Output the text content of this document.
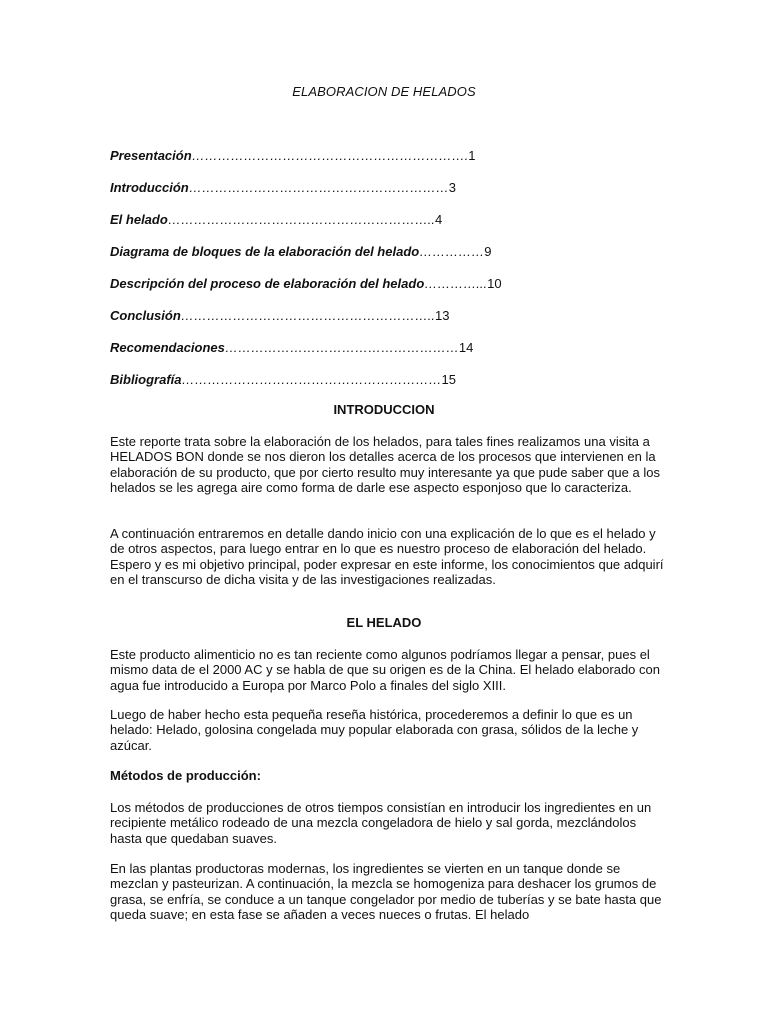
ELABORACION DE HELADOS
Presentación……………………………………………………….1
Introducción……………………………………………………3
El helado……………………………………………………..4
Diagrama de bloques de la elaboración del helado……………9
Descripción del proceso de elaboración del helado…………...10
Conclusión…………………………………………………..13
Recomendaciones………………………………………………14
Bibliografía……………………………………………………15
INTRODUCCION

Este reporte trata sobre la elaboración de los helados, para tales fines realizamos una visita a HELADOS BON donde se nos dieron los detalles acerca de los procesos que intervienen en la elaboración de su producto, que por cierto resulto muy interesante ya que pude saber que a los helados se les agrega aire como forma de darle ese aspecto esponjoso que lo caracteriza.

A continuación entraremos en detalle dando inicio con una explicación de lo que es el helado y de otros aspectos, para luego entrar en lo que es nuestro proceso de elaboración del helado. Espero y es mi objetivo principal, poder expresar en este informe, los conocimientos que adquirí en el transcurso de dicha visita y de las investigaciones realizadas.

EL HELADO

Este producto alimenticio no es tan reciente como algunos podríamos llegar a pensar, pues el mismo data de el 2000 AC y se habla de que su origen es de la China. El helado elaborado con agua fue introducido a Europa por Marco Polo a finales del siglo XIII.

Luego de haber hecho esta pequeña reseña histórica, procederemos a definir lo que es un helado: Helado, golosina congelada muy popular elaborada con grasa, sólidos de la leche y azúcar.

Métodos de producción:

Los métodos de producciones de otros tiempos consistían en introducir los ingredientes en un recipiente metálico rodeado de una mezcla congeladora de hielo y sal gorda, mezclándolos hasta que quedaban suaves.

En las plantas productoras modernas, los ingredientes se vierten en un tanque donde se mezclan y pasteurizan. A continuación, la mezcla se homogeniza para deshacer los grumos de grasa, se enfría, se conduce a un tanque congelador por medio de tuberías y se bate hasta que queda suave; en esta fase se añaden a veces nueces o frutas. El helado
